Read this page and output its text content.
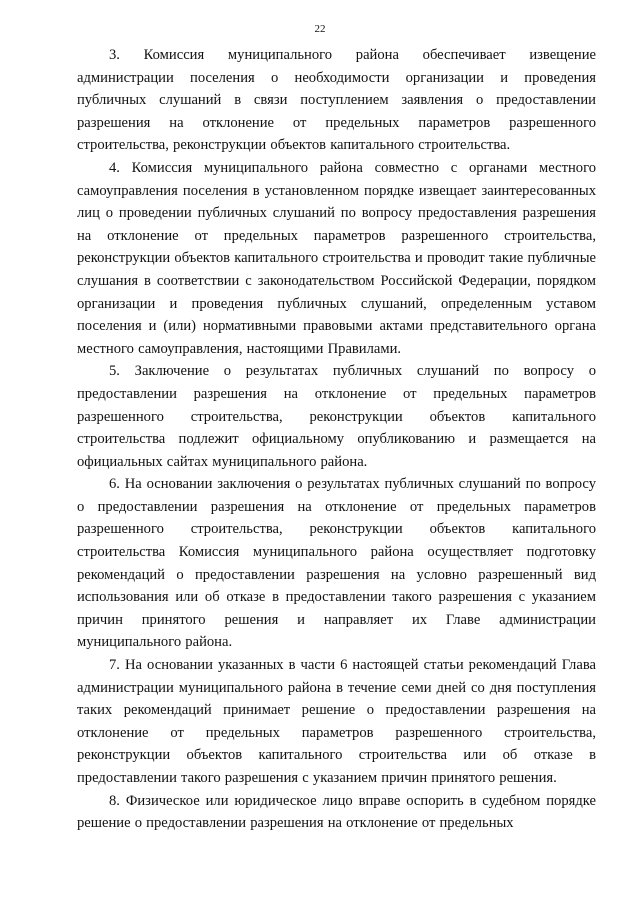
22

3. Комиссия муниципального района обеспечивает извещение администрации поселения о необходимости организации и проведения публичных слушаний в связи поступлением заявления о предоставлении разрешения на отклонение от предельных параметров разрешенного строительства, реконструкции объектов капитального строительства.

4. Комиссия муниципального района совместно с органами местного самоуправления поселения в установленном порядке извещает заинтересованных лиц о проведении публичных слушаний по вопросу предоставления разрешения на отклонение от предельных параметров разрешенного строительства, реконструкции объектов капитального строительства и проводит такие публичные слушания в соответствии с законодательством Российской Федерации, порядком организации и проведения публичных слушаний, определенным уставом поселения и (или) нормативными правовыми актами представительного органа местного самоуправления, настоящими Правилами.

5. Заключение о результатах публичных слушаний по вопросу о предоставлении разрешения на отклонение от предельных параметров разрешенного строительства, реконструкции объектов капитального строительства подлежит официальному опубликованию и размещается на официальных сайтах муниципального района.

6. На основании заключения о результатах публичных слушаний по вопросу о предоставлении разрешения на отклонение от предельных параметров разрешенного строительства, реконструкции объектов капитального строительства Комиссия муниципального района осуществляет подготовку рекомендаций о предоставлении разрешения на условно разрешенный вид использования или об отказе в предоставлении такого разрешения с указанием причин принятого решения и направляет их Главе администрации муниципального района.

7. На основании указанных в части 6 настоящей статьи рекомендаций Глава администрации муниципального района в течение семи дней со дня поступления таких рекомендаций принимает решение о предоставлении разрешения на отклонение от предельных параметров разрешенного строительства, реконструкции объектов капитального строительства или об отказе в предоставлении такого разрешения с указанием причин принятого решения.

8. Физическое или юридическое лицо вправе оспорить в судебном порядке решение о предоставлении разрешения на отклонение от предельных
